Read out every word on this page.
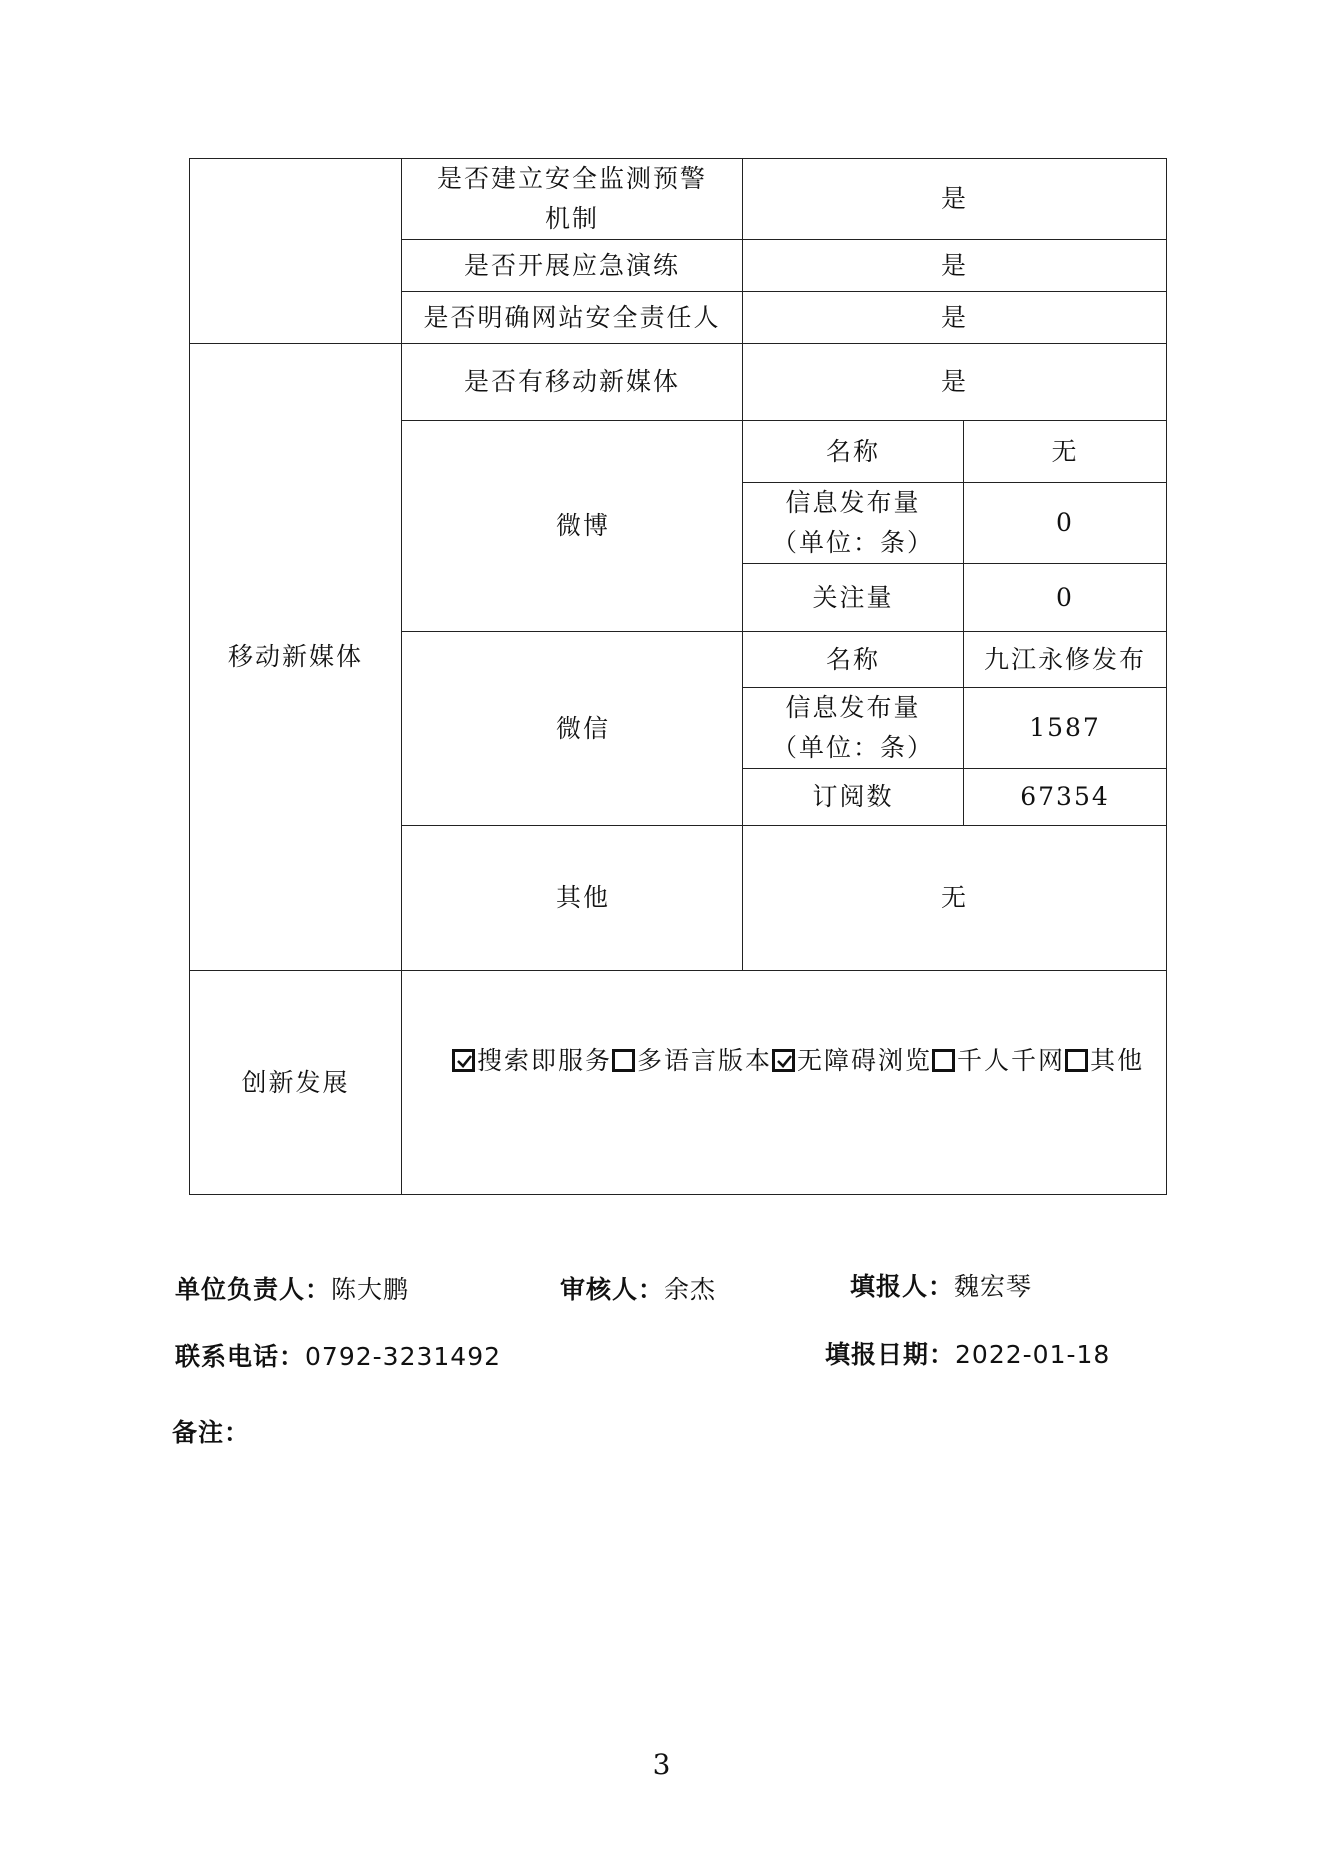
	是否建立安全监测预警
机制	是	
	是否开展应急演练	是	
	是否明确网站安全责任人	是	
移动新媒体	是否有移动新媒体	是	
	微博	名称	无

		信息发布量
（单位：条）	0
		关注量	0
	微信	名称	九江永修发布

		信息发布量
（单位：条）	1587
		订阅数	67354
	其他	无	
创新发展	搜索即服务 多语言版本 无障碍浏览 千人千网 其他		
单位负责人：陈大鹏	审核人：余杰	填报人：魏宏琴
联系电话：0792-3231492	填报日期：2022-01-18
备注：
3
